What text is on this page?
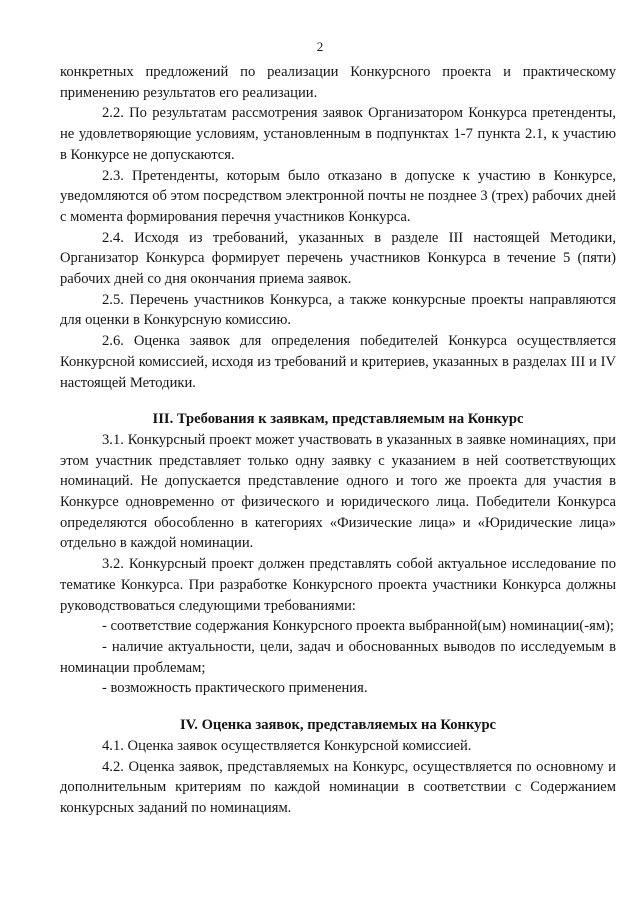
2

конкретных предложений по реализации Конкурсного проекта и практическому применению результатов его реализации.

2.2. По результатам рассмотрения заявок Организатором Конкурса претенденты, не удовлетворяющие условиям, установленным в подпунктах 1-7 пункта 2.1, к участию в Конкурсе не допускаются.

2.3. Претенденты, которым было отказано в допуске к участию в Конкурсе, уведомляются об этом посредством электронной почты не позднее 3 (трех) рабочих дней с момента формирования перечня участников Конкурса.

2.4. Исходя из требований, указанных в разделе III настоящей Методики, Организатор Конкурса формирует перечень участников Конкурса в течение 5 (пяти) рабочих дней со дня окончания приема заявок.

2.5. Перечень участников Конкурса, а также конкурсные проекты направляются для оценки в Конкурсную комиссию.

2.6. Оценка заявок для определения победителей Конкурса осуществляется Конкурсной комиссией, исходя из требований и критериев, указанных в разделах III и IV настоящей Методики.

III. Требования к заявкам, представляемым на Конкурс

3.1. Конкурсный проект может участвовать в указанных в заявке номинациях, при этом участник представляет только одну заявку с указанием в ней соответствующих номинаций. Не допускается представление одного и того же проекта для участия в Конкурсе одновременно от физического и юридического лица. Победители Конкурса определяются обособленно в категориях «Физические лица» и «Юридические лица» отдельно в каждой номинации.

3.2. Конкурсный проект должен представлять собой актуальное исследование по тематике Конкурса. При разработке Конкурсного проекта участники Конкурса должны руководствоваться следующими требованиями:

- соответствие содержания Конкурсного проекта выбранной(ым) номинации(-ям);

- наличие актуальности, цели, задач и обоснованных выводов по исследуемым в номинации проблемам;

- возможность практического применения.

IV. Оценка заявок, представляемых на Конкурс

4.1. Оценка заявок осуществляется Конкурсной комиссией.

4.2. Оценка заявок, представляемых на Конкурс, осуществляется по основному и дополнительным критериям по каждой номинации в соответствии с Содержанием конкурсных заданий по номинациям.
